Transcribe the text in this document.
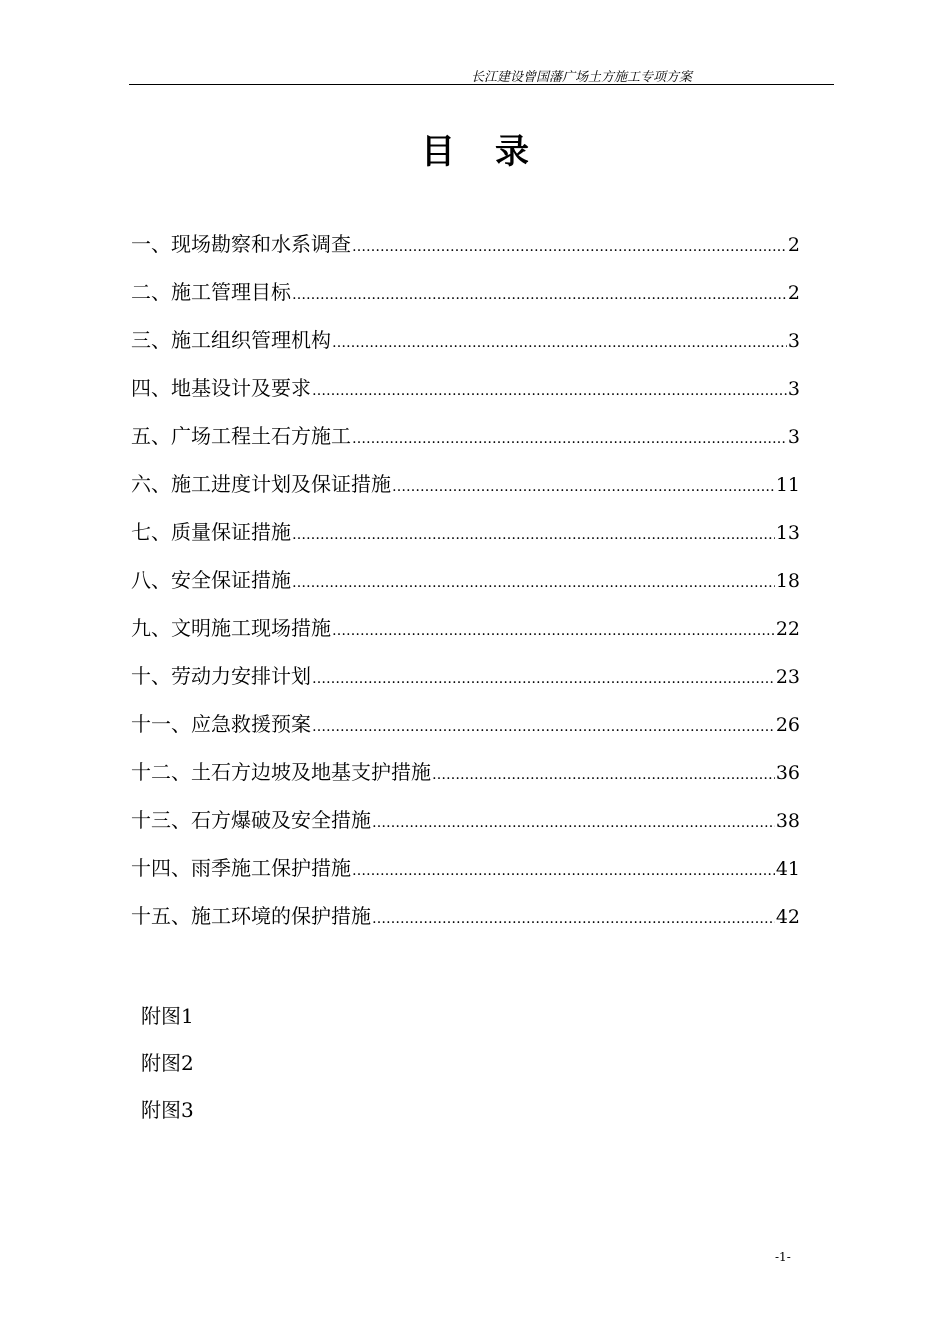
长江建设曾国藩广场土方施工专项方案
目录
一、现场勘察和水系调查 ………………………………………………………………………………………………………………………………………………………………	2
二、施工管理目标 ………………………………………………………………………………………………………………………………………………………………	2
三、施工组织管理机构 ………………………………………………………………………………………………………………………………………………………………	3
四、地基设计及要求 ………………………………………………………………………………………………………………………………………………………………	3
五、广场工程土石方施工 ………………………………………………………………………………………………………………………………………………………………	3
六、施工进度计划及保证措施 ………………………………………………………………………………………………………………………………………………………………	11
七、质量保证措施 ………………………………………………………………………………………………………………………………………………………………	13
八、安全保证措施 ………………………………………………………………………………………………………………………………………………………………	18
九、文明施工现场措施 ………………………………………………………………………………………………………………………………………………………………	22
十、劳动力安排计划 ………………………………………………………………………………………………………………………………………………………………	23
十一、应急救援预案 ………………………………………………………………………………………………………………………………………………………………	26
十二、土石方边坡及地基支护措施 ………………………………………………………………………………………………………………………………………………………………	36
十三、石方爆破及安全措施 ………………………………………………………………………………………………………………………………………………………………	38
十四、雨季施工保护措施 ………………………………………………………………………………………………………………………………………………………………	41
十五、施工环境的保护措施 ………………………………………………………………………………………………………………………………………………………………	42
附图1
附图2
附图3
-1-
